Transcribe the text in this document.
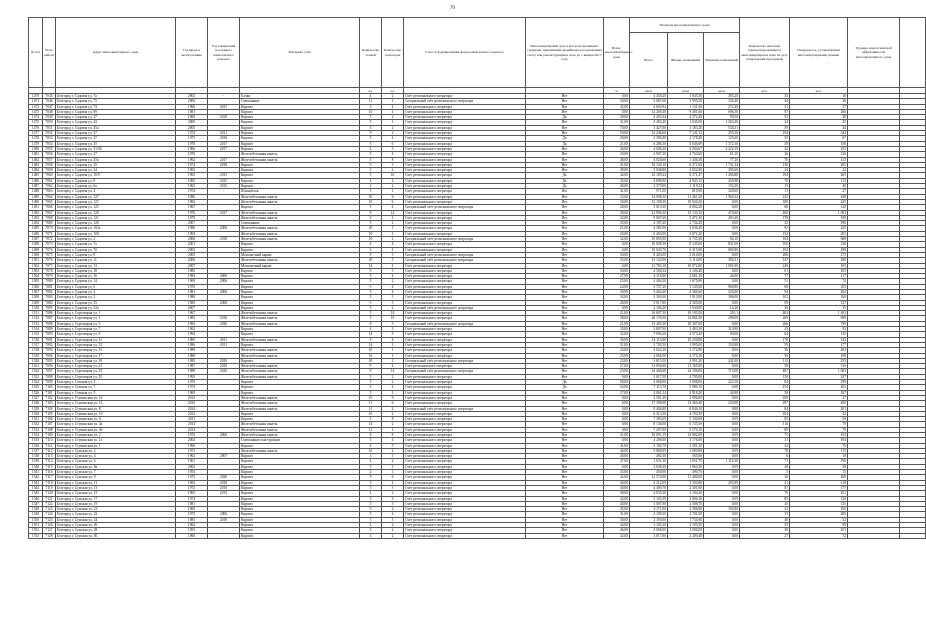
70
№ п/п	№ по району	Адрес многоквартирного дома	Год ввода в эксплуатацию	Год завершения последнего капитального ремонта	Материал стен	Количество этажей	Количество подъездов	Способ формирования фонда капитального ремонта	Многоквартирный дом, в котором проживают граждане, признанный аварийным и подлежащим сносу или реконструкции в срок до 1 января 2017 года	Износ многоквартирного дома	Площадь многоквартирного дома			Количество жителей, зарегистрированных в многоквартирном доме на дату утверждения программы	Очередность, установленная многоквартирными домами	Уровень энергетической эффективности многоквартирного дома	
											Всего	Жилых помещений	Нежилых помещений				
						ед.	ед.			%	кв.м	кв.м	кв.м	чел.	чел.		
1470	7045	Белгород г, Садовая ул, 7а	2002	-	Блоки	4	2	Счёт регионального оператора	Нет	0,00	4 430,20	1 045,50	383,20	33	16		
1471	7046	Белгород г, Садовая ул, 75	2006		Смешанные	11	1	Специальный счёт регионального оператора	Нет	30,00	5 007,60	3 995,50	336,40	44	46		
1472	7047	Белгород г, Садовая ул, 73	1966	2013	Кирпич	3	4	Счёт регионального оператора	Нет	45,00	4 603,94	1 131,56	272,40	31	57		
1473	7048	Белгород г, Садовая ул, 69	1981		Кирпич	10	4	Счёт регионального оператора	Нет	0,00	12 200,30	9 401,60	696,50	97	206		
1474	7049	Белгород г, Садовая ул, 47	1969	2018	Кирпич	5	2	Счёт регионального оператора	Да	49,00	3 203,34	2 272,20	99,50	53	48		
1475	7050	Белгород г, Садовая ул, 43	2000		Кирпич	5	1	Счёт регионального оператора	Нет	31,00	4 403,20	1 045,00	1 263,20	24	45		
1476	7051	Белгород г, Садовая ул, 45а	2005		Кирпич	5	2	Счёт регионального оператора	Нет	70,00	3 427,60	3 183,20	534,31	59	44		
1477	7052	Белгород г, Садовая ул, 37	1974	2011	Кирпич	9	2	Счёт регионального оператора	Нет	50,00	12 246,60	7 141,12	255,50	194	342		
1478	7053	Белгород г, Садовая ул, 37	1975	2016	Кирпич	5	4	Счёт регионального оператора	Да	30,00	3 390,40	2 178,48	125,60	55	67		
1479	7054	Белгород г, Садовая ул, 35	1978	2017	Кирпич	5	6	Счёт регионального оператора	Да	21,00	6 286,30	5 046,00	1 372,10	59	100		
1480	7055	Белгород г, Садовая ул, 31/56	1966	2017	Кирпич	4	5	Счёт регионального оператора	Нет	44,00	4 006,20	3 204,67	2 222,19	42	103		
1481	7056	Белгород г, Садовая ул, 27	1976		Железобетонная панель	5	4	Счёт регионального оператора	Нет	30,00	4 907,20	2 763,60	61,10	26	126		
1482	7057	Белгород г, Садовая ул, 25а	1962	2017	Железобетонная панель	5	8	Счёт регионального оператора	Нет	48,00	4 020,60	1 436,30	77,20	76	125		
1483	7058	Белгород г, Садовая ул, 25	1974	2018	Кирпич	5	3	Счёт регионального оператора	Нет	41,00	10 130,10	6 271,60	1 741,34	136	283		
1484	7059	Белгород г, Садовая ул, 24	1965		Кирпич	5	2	Счёт регионального оператора	Нет	49,00	5 048,80	4 052,90	295,60	24	22		
1485	7060	Белгород г, Садовая ул, 10/9	1963	2015	Кирпич	5	10	Счёт регионального оператора	Да	44,00	12 109,24	6 571,47	1 494,88	194	265		
1486	7061	Белгород г, Садовая ул, 8	1965	2015	Кирпич	4	4	Счёт регионального оператора	Да	45,00	4 096,90	2 943,15	435,98	70	115		
1487	7062	Белгород г, Садовая ул, 6а	1962	2015	Кирпич	4	2	Счёт регионального оператора	Да	40,00	2 379,90	1 119,32	154,20	15	40		
1488	7063	Белгород г, Садовая ул, 4	1974	-	Шлакоблок	3	1	Счёт регионального оператора	Нет	41,00	971,00	810,90	320,00	11	27		
1489	7064	Белгород г, Садовая ул, 127	1986		Железобетонная панель	10	6	Счёт регионального оператора	Нет	25,00	14 008,30	11 461,20	1 564,32	225	449		
1490	7065	Белгород г, Садовая ул, 127	1984		Железобетонная панель	10	6	Счёт регионального оператора	Нет	30,00	12 108,30	10 020,20	0,00	180	245		
1491	7066	Белгород г, Садовая ул, 125	1967		Кирпич	5	4	Специальный счёт регионального оператора	Нет	28,00	5 010,30	4 002,20	0,00	68	120		
1492	7067	Белгород г, Садовая ул, 120	1976	2017	Железобетонная панель	9	12	Счёт регионального оператора	Нет	38,00	21 994,30	15 133,10	470,60	400	1 081		
1493	7068	Белгород г, Садовая ул, 121	1979		Железобетонная панель	9	3	Счёт регионального оператора	Нет	32,00	9 007,60	5 471,20	403,40	178	359		
1494	7069	Белгород г, Садовая ул, 126	2007		Смешанные	5	2	Счёт регионального оператора	Нет	35,00	4 187,20	2 734,20	0,00	32	196		
1495	7070	Белгород г, Садовая ул, 102а	1986	2006	Железобетонная панель	10	1	Счёт регионального оператора	Нет	21,00	4 381,00	3 036,40	0,00	95	225		
1496	7071	Белгород г, Садовая ул, 100	1994		Железобетонная панель	10	3	Счёт регионального оператора	Нет	20,00	6 403,00	5 071,20	0,00	152	203		
1497	7072	Белгород г, Садовая ул, 2	2006	2018	Железобетонная панель	10	2	Специальный счёт регионального оператора	Нет	32,00	10 093,90	6 735,30	94,10	104	688		
1498	7073	Белгород г, Садовая ул, 7а	2001		Кирпич	4	4	Счёт регионального оператора	Нет	0,00	10 008,30	8 145,60	831,60	100	238		
1499	7074	Белгород г, Садовая ул, 7б	2003		Кирпич	5	4	Счёт регионального оператора	Нет	0,00	10 043,70	6 115,00	684,80	194	298		
1500	7075	Белгород г, Садовая ул, 9	2005		Монолитный каркас	9	5	Специальный счёт регионального оператора	Нет	30,00	8 403,00	2 014,00	0,00	206	275		
1501	7076	Белгород г, Садовая ул, 11	2006		Железобетонная панель	10	5	Специальный счёт регионального оператора	Нет	35,00	13 122,00	3 114,00	394,31	147	288		
1502	7077	Белгород г, Садовая ул, 13	2007		Монолитный каркас	14	4	Счёт регионального оператора	Нет	0,00	21 783,10	10 072,00	1 001,00	240	165		
1503	7078	Белгород г, Садовая ул, 18	1985		Кирпич	5	5	Счёт регионального оператора	Нет	30,00	4 500,34	3 104,40	0,00	61	105		
1504	7079	Белгород г, Садовая ул, 16	1984	2006	Кирпич	5	4	Счёт регионального оператора	Нет	27,00	4 116,90	2 681,10	44,00	77	117		
1505	7080	Белгород г, Садовая ул, 14	1969	2006	Кирпич	5	2	Счёт регионального оператора	Нет	25,00	2 404,50	1 675,80	0,00	51	74		
1506	7081	Белгород г, Садовая ул, 6	1970		Кирпич	5	4	Счёт регионального оператора	Нет	24,00	5 707,20	3 145,00	960,80	68	165		
1507	7082	Белгород г, Садовая ул, 4	1981	2006	Кирпич	5	4	Счёт регионального оператора	Нет	30,00	5 264,40	4 384,60	324,00	94	204		
1508	7083	Белгород г, Садовая ул, 2	1980		Кирпич	5	3	Счёт регионального оператора	Нет	34,00	4 303,00	1 913,00	306,00	102	160		
1509	7084	Белгород г, Садовая ул, 55	1983	2008	Кирпич	5	5	Счёт регионального оператора	Нет	28,00	5 017,80	4 305,00	0,00	99	127		
1510	7085	Белгород г, Садовая ул, 52а	2007		Кирпич	5	2	Специальный счёт регионального оператора	Нет	0,00	2 104,20	1 940,00	14,20	26	35		
1511	7086	Белгород г, Стрелецкая ул, 1	1967		Железобетонная панель	5	14	Счёт регионального оператора	Нет	21,00	16 607,30	10 103,50	210,1	404	1 403		
1512	7087	Белгород г, Стрелецкая ул, 3	1983	2016	Железобетонная панель	5	10	Счёт регионального оператора	Нет	38,00	20 176,50	14 061,50	208,00	269	698		
1513	7088	Белгород г, Стрелецкая ул, 5	1984	2020	Железобетонная панель	9	5	Специальный счёт регионального оператора	Нет	21,00	13 405,30	10 307,00	0,00	266	799		
1514	7089	Белгород г, Стрелецкая ул, 7	1962		Кирпич	4	3	Счёт регионального оператора	Нет	33,00	3 807,00	2 403,30	310,90	43	92		
1515	7090	Белгород г, Стрелецкая ул, 9	1994	-	Кирпич	14	5	Счёт регионального оператора	Нет	32,00	7 094,20	4 573,20	90,00	64	145		
1516	7091	Белгород г, Стрелецкая ул, 11	1985	2011	Железобетонная панель	9	4	Счёт регионального оператора	Нет	30,00	14 113,60	10 250,80	0,00	178	343		
1517	7092	Белгород г, Стрелецкая ул, 13	1986	2011	Кирпич	14	3	Счёт регионального оператора	Нет	31,00	3 703,50	1 995,00	154,88	59	177		
1518	7093	Белгород г, Стрелецкая ул, 15	1989		Железобетонная панель	10	1	Счёт регионального оператора	Нет	24,00	4 022,20	3 174,90	0,00	36	203		
1519	7094	Белгород г, Стрелецкая ул, 17	1988		Железобетонная панель	10	1	Счёт регионального оператора	Нет	25,00	4 066,50	2 173,10	0,00	56	108		
1520	7095	Белгород г, Стрелецкая ул, 19	1985	2010	Кирпич	10	2	Специальный счёт регионального оператора	Нет	23,00	3 815,50	2 901,20	241,00	112	255		
1521	7096	Белгород г, Стрелецкая ул, 21	1987	2010	Железобетонная панель	9	4	Счёт регионального оператора	Нет	27,00	14 056,00	11 165,00	0,00	58	316		
1522	7097	Белгород г, Стрелецкая ул, 23	1988	2016	Железобетонная панель	9	12	Специальный счёт регионального оператора	Нет	25,00	24 406,00	24 106,00	713,00	487	1 005		
1523	7098	Белгород г, Стрелецкая ул, 25	1993		Железобетонная панель	5	2	Счёт регионального оператора	Нет	0,00	3 017,50	2 795,00	0,00	150	247		
1524	7099	Белгород г, Степная ул, 3	1976		Кирпич	5	2	Счёт регионального оператора	Да	58,00	4 008,00	3 008,00	223,10	84	299		
1525	7100	Белгород г, Степная ул, 7	1974		Кирпич	5	4	Счёт регионального оператора	Да	54,00	7 113,70	5 080,10	0,00	154	203		
1526	7101	Белгород г, Степная ул, 9	1969		Кирпич	5	2	Счёт регионального оператора	Нет	27,00	4 061,24	2 918,20	44,80	58	167		
1527	7102	Белгород г, Ступинская ул, 16	2012		Железобетонная панель	10	9	Счёт регионального оператора	Нет	0,00	4 501,20	2 996,00	0,00	200	27		
1528	7103	Белгород г, Ступинская ул, 14	2010		Железобетонная панель	11	6	Счёт регионального оператора	Нет	0,00	17 398,00	13 360,40	243,00	297	400		
1529	7104	Белгород г, Ступинская ул, 8	2014		Железобетонная панель	11	4	Специальный счёт регионального оператора	Нет	0,00	8 404,00	6 046,10	0,00	84	201		
1530	7105	Белгород г, Ступинская ул, 10	2012		Кирпич	10	2	Счёт регионального оператора	Нет	0,00	6 313,30	4 703,50	0,00	104	42		
1531	7106	Белгород г, Ступинская ул, 6	2011		Кирпич	5	8	Счёт регионального оператора	Нет	0,00	7 383,60	5 104,00	0,00	85	56		
1532	7107	Белгород г, Ступинская ул, 4а	2014		Железобетонная панель	14	2	Счёт регионального оператора	Нет	0,00	8 136,00	6 745,30	0,00	116	79		
1533	7108	Белгород г, Ступинская ул, 4б	2014		Железобетонная панель	11	1	Счёт регионального оператора	Нет	0,00	7 207,00	5 170,10	0,00	89	70		
1534	7109	Белгород г, Ступинская ул, 2	1976	2006	Железобетонная панель	9	8	Счёт регионального оператора	Нет	31,00	18 091,30	12 082,00	0,00	75	193		
1535	7110	Белгород г, Ступинская ул, 1а	2004		Смешанные конструкции	5	4	Счёт регионального оператора	Нет	0,00	4 206,00	3 176,00	0,00	31	194		
1536	7111	Белгород г, Ступинская ул, 1	1960		Кирпич	4	5	Счёт регионального оператора	Нет	41,00	3 182,70	2 391,10	0,00	42	76		
1537	7112	Белгород г, Сумская ул, 2	1972		Железобетонная панель	10	2	Счёт регионального оператора	Нет	46,00	5 880,00	3 009,80	0,00	78	115		
1538	7113	Белгород г, Сумская ул, 4	1962	2007	Кирпич	3	1	Счёт регионального оператора	Нет	40,00	492,30	365,60	0,00	6	10		
1539	7114	Белгород г, Сумская ул, 6	1961		Кирпич	4	2	Счёт регионального оператора	Нет	47,00	1 631,30	1 651,70	1 116,30	71	196		
1540	7115	Белгород г, Сумская ул, 8а	2002		Кирпич	5	3	Счёт регионального оператора	Нет	0,00	3 048,40	1 864,30	0,00	48	29		
1541	7116	Белгород г, Сумская ул, 7	1954		Кирпич	2	1	Счёт регионального оператора	Нет	35,00	450,00	390,70	0,00	5	15		
1542	7117	Белгород г, Сумская ул, 9	1975	2020	Кирпич	9	6	Счёт регионального оператора	Нет	42,00	12 574,00	11 400,00	0,00	36	208		
1543	7118	Белгород г, Сумская ул, 11	1965	2018	Кирпич	5	4	Счёт регионального оператора	Нет	40,00	4 212,00	3 303,80	205,80	41	118		
1544	7119	Белгород г, Сумская ул, 13	1972	2016	Кирпич	5	3	Счёт регионального оператора	Нет	40,00	4 409,70	2 301,00	0,00	87	177		
1545	7120	Белгород г, Сумская ул, 15	1965	2013	Кирпич	4	2	Счёт регионального оператора	Нет	38,00	4 035,20	3 104,20	0,00	76	101		
1546	7121	Белгород г, Сумская ул, 17	1974		Кирпич	5	3	Счёт регионального оператора	Нет	43,00	5 103,30	3 006,10	0,00	85	150		
1547	7122	Белгород г, Сумская ул, 19	1981		Кирпич	5	3	Счёт регионального оператора	Нет	40,00	3 007,80	2 308,70	0,00	45	135		
1548	7123	Белгород г, Сумская ул, 21	1969		Кирпич	5	2	Счёт регионального оператора	Нет	45,00	3 171,00	2 306,80	102,80	41	100		
1549	7124	Белгород г, Сумская ул, 22	1975	2006	Кирпич	5	4	Счёт регионального оператора	Нет	31,00	4 109,30	2 701,00	0,00	33	206		
1550	7125	Белгород г, Сумская ул, 24	1983	2019	Кирпич	3	3	Счёт регионального оператора	Нет	30,00	2 103,00	1 734,90	0,00	48	52		
1551	7126	Белгород г, Сумская ул, 26	1962		Кирпич	4	2	Счёт регионального оператора	Нет	44,00	3 103,20	2 105,50	0,00	35	89		
1552	7127	Белгород г, Сумская ул, 28	1953	-	Кирпич	3	2	Счёт регионального оператора	Нет	46,00	4 006,00	3 000,00	0,00	38	101		
1553	7128	Белгород г, Сумская ул, 30	1960		Кирпич	3	2	Счёт регионального оператора	Нет	42,00	3 017,00	2 200,40	0,00	27	72		
